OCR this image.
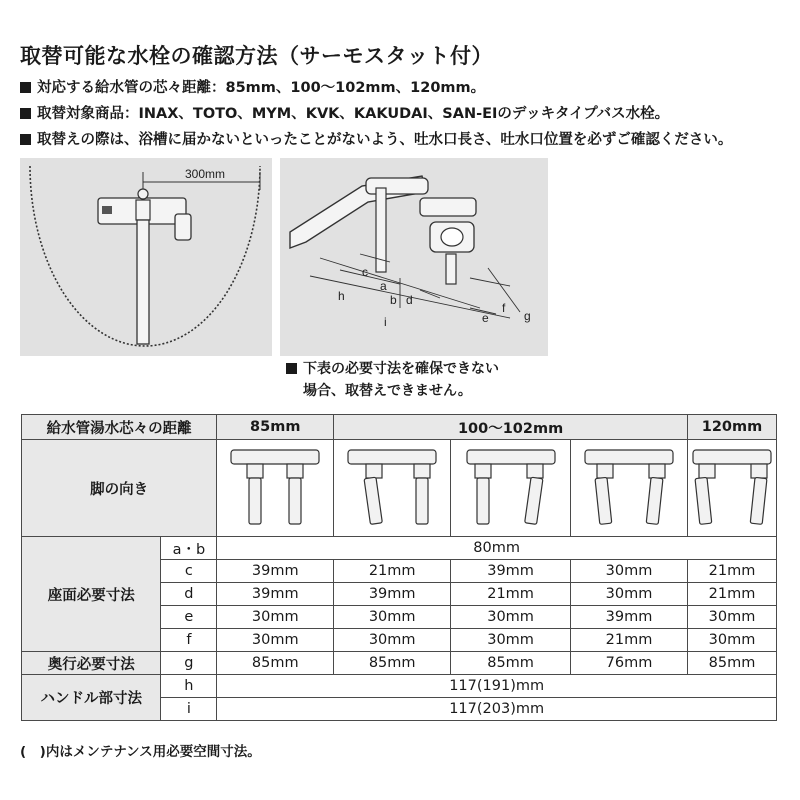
取替可能な水栓の確認方法（サーモスタット付）
対応する給水管の芯々距離：85mm、100～102mm、120mm。
取替対象商品：INAX、TOTO、MYM、KVK、KAKUDAI、SAN-EIのデッキタイプバス水栓。
取替えの際は、浴槽に届かないといったことがないよう、吐水口長さ、吐水口位置を必ずご確認ください。
300mm
c
a
h	b d
i	e
f
g
下表の必要寸法を確保できない
場合、取替えできません。
給水管湯水芯々の距離		85mm	100～102mm			120mm
脚の向き					
座面必要寸法	a・b	80mm				
	c	39mm	21mm	39mm	30mm	21mm
	d	39mm	39mm	21mm	30mm	21mm
	e	30mm	30mm	30mm	39mm	30mm
	f	30mm	30mm	30mm	21mm	30mm
奥行必要寸法	g	85mm	85mm	85mm	76mm	85mm
ハンドル部寸法	h	117(191)mm				
	i	117(203)mm				
(　)内はメンテナンス用必要空間寸法。
